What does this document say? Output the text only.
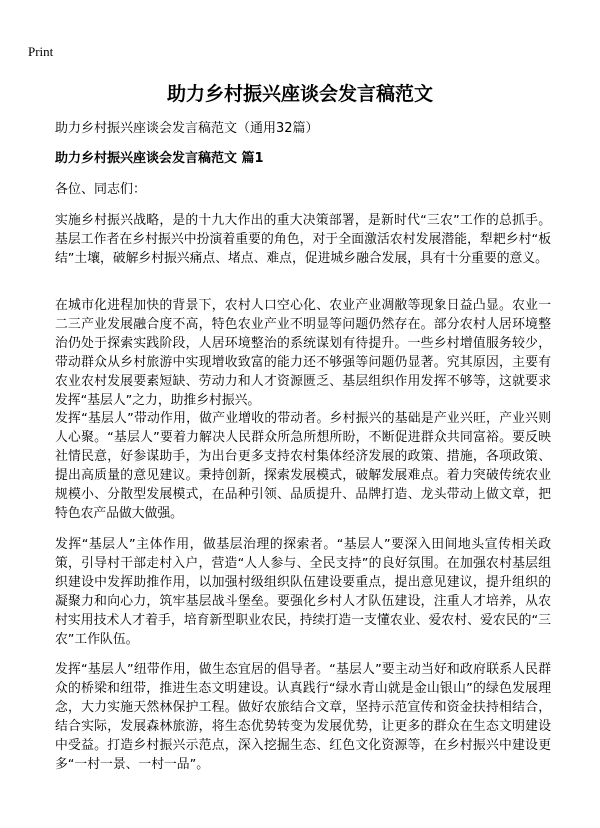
Print
助力乡村振兴座谈会发言稿范文
助力乡村振兴座谈会发言稿范文（通用32篇）
助力乡村振兴座谈会发言稿范文 篇1
各位、同志们：

实施乡村振兴战略，是的十九大作出的重大决策部署，是新时代“三农”工作的总抓手。基层工作者在乡村振兴中扮演着重要的角色，对于全面激活农村发展潜能，犁耙乡村“板结”土壤，破解乡村振兴痛点、堵点、难点，促进城乡融合发展，具有十分重要的意义。

在城市化进程加快的背景下，农村人口空心化、农业产业凋敝等现象日益凸显。农业一二三产业发展融合度不高，特色农业产业不明显等问题仍然存在。部分农村人居环境整治仍处于探索实践阶段，人居环境整治的系统谋划有待提升。一些乡村增值服务较少，带动群众从乡村旅游中实现增收致富的能力还不够强等问题仍显著。究其原因，主要有农业农村发展要素短缺、劳动力和人才资源匮乏、基层组织作用发挥不够等，这就要求发挥“基层人”之力，助推乡村振兴。

发挥“基层人”带动作用，做产业增收的带动者。乡村振兴的基础是产业兴旺，产业兴则人心聚。“基层人”要着力解决人民群众所急所想所盼，不断促进群众共同富裕。要反映社情民意，好参谋助手，为出台更多支持农村集体经济发展的政策、措施，各项政策、提出高质量的意见建议。秉持创新，探索发展模式，破解发展难点。着力突破传统农业规模小、分散型发展模式，在品种引领、品质提升、品牌打造、龙头带动上做文章，把特色农产品做大做强。

发挥“基层人”主体作用，做基层治理的探索者。“基层人”要深入田间地头宣传相关政策，引导村干部走村入户，营造“人人参与、全民支持”的良好氛围。在加强农村基层组织建设中发挥助推作用，以加强村级组织队伍建设要重点，提出意见建议，提升组织的凝聚力和向心力，筑牢基层战斗堡垒。要强化乡村人才队伍建设，注重人才培养，从农村实用技术人才着手，培育新型职业农民，持续打造一支懂农业、爱农村、爱农民的“三农”工作队伍。

发挥“基层人”纽带作用，做生态宜居的倡导者。“基层人”要主动当好和政府联系人民群众的桥梁和纽带，推进生态文明建设。认真践行“绿水青山就是金山银山”的绿色发展理念，大力实施天然林保护工程。做好农旅结合文章，坚持示范宣传和资金扶持相结合，结合实际，发展森林旅游，将生态优势转变为发展优势，让更多的群众在生态文明建设中受益。打造乡村振兴示范点，深入挖掘生态、红色文化资源等，在乡村振兴中建设更多“一村一景、一村一品”。
